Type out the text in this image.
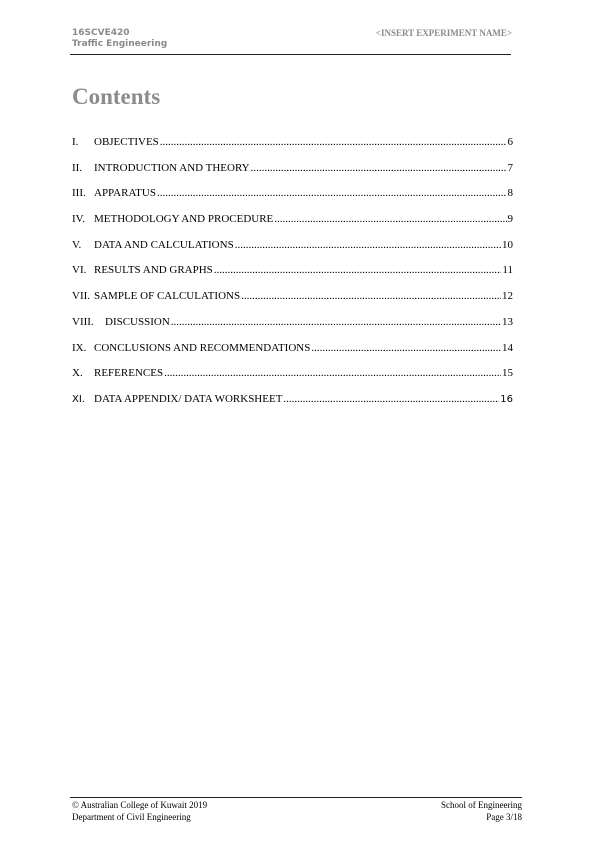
16SCVE420
Traffic Engineering
<INSERT EXPERIMENT NAME>
Contents
I.	OBJECTIVES .....	6
II.	INTRODUCTION AND THEORY .....	7
III. APPARATUS .....	8
IV. METHODOLOGY AND PROCEDURE .....	9
V.	DATA AND CALCULATIONS .....	10
VI. RESULTS AND GRAPHS .....	11
VII. SAMPLE OF CALCULATIONS .....	12
VIII.	DISCUSSION .....	13
IX. CONCLUSIONS AND RECOMMENDATIONS .....	14
X.	REFERENCES .....	15
XI. DATA APPENDIX/ DATA WORKSHEET .....	16
© Australian College of Kuwait 2019
Department of Civil Engineering
School of Engineering
Page 3/18
